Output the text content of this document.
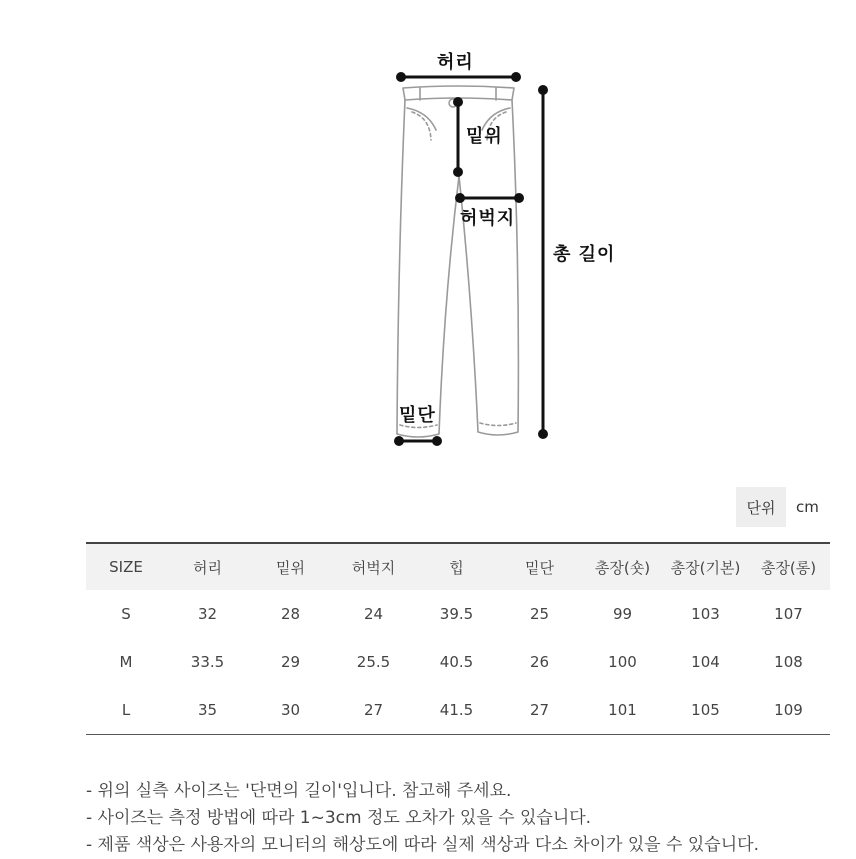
허리
밑위
허벅지
밑단
총 길이
단위	cm
SIZE	허리	밑위	허벅지	힙	밑단	총장(숏)	총장(기본)	총장(롱)
S	32	28	24	39.5	25	99	103	107
M	33.5	29	25.5	40.5	26	100	104	108
L	35	30	27	41.5	27	101	105	109
- 위의 실측 사이즈는 '단면의 길이'입니다. 참고해 주세요.
- 사이즈는 측정 방법에 따라 1~3cm 정도 오차가 있을 수 있습니다.
- 제품 색상은 사용자의 모니터의 해상도에 따라 실제 색상과 다소 차이가 있을 수 있습니다.
